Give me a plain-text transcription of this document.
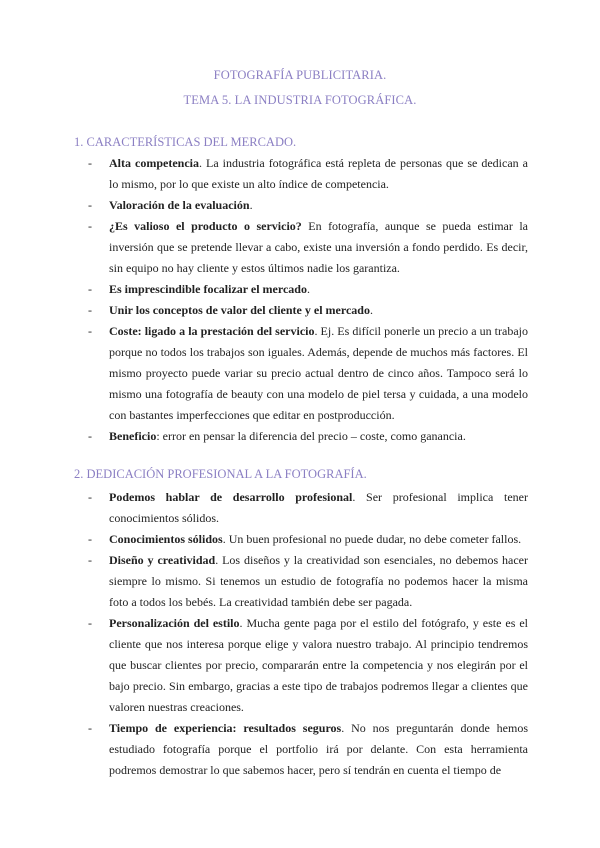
FOTOGRAFÍA PUBLICITARIA.
TEMA 5. LA INDUSTRIA FOTOGRÁFICA.
1. CARACTERÍSTICAS DEL MERCADO.
-	Alta competencia. La industria fotográfica está repleta de personas que se dedican a lo mismo, por lo que existe un alto índice de competencia.
-	Valoración de la evaluación.
-	¿Es valioso el producto o servicio? En fotografía, aunque se pueda estimar la inversión que se pretende llevar a cabo, existe una inversión a fondo perdido. Es decir, sin equipo no hay cliente y estos últimos nadie los garantiza.
-	Es imprescindible focalizar el mercado.
-	Unir los conceptos de valor del cliente y el mercado.
-	Coste: ligado a la prestación del servicio. Ej. Es difícil ponerle un precio a un trabajo porque no todos los trabajos son iguales. Además, depende de muchos más factores. El mismo proyecto puede variar su precio actual dentro de cinco años. Tampoco será lo mismo una fotografía de beauty con una modelo de piel tersa y cuidada, a una modelo con bastantes imperfecciones que editar en postproducción.
-	Beneficio: error en pensar la diferencia del precio – coste, como ganancia.
2. DEDICACIÓN PROFESIONAL A LA FOTOGRAFÍA.
-	Podemos hablar de desarrollo profesional. Ser profesional implica tener conocimientos sólidos.
-	Conocimientos sólidos. Un buen profesional no puede dudar, no debe cometer fallos.
-	Diseño y creatividad. Los diseños y la creatividad son esenciales, no debemos hacer siempre lo mismo. Si tenemos un estudio de fotografía no podemos hacer la misma foto a todos los bebés. La creatividad también debe ser pagada.
-	Personalización del estilo. Mucha gente paga por el estilo del fotógrafo, y este es el cliente que nos interesa porque elige y valora nuestro trabajo. Al principio tendremos que buscar clientes por precio, compararán entre la competencia y nos elegirán por el bajo precio. Sin embargo, gracias a este tipo de trabajos podremos llegar a clientes que valoren nuestras creaciones.
-	Tiempo de experiencia: resultados seguros. No nos preguntarán donde hemos estudiado fotografía porque el portfolio irá por delante. Con esta herramienta podremos demostrar lo que sabemos hacer, pero sí tendrán en cuenta el tiempo de
